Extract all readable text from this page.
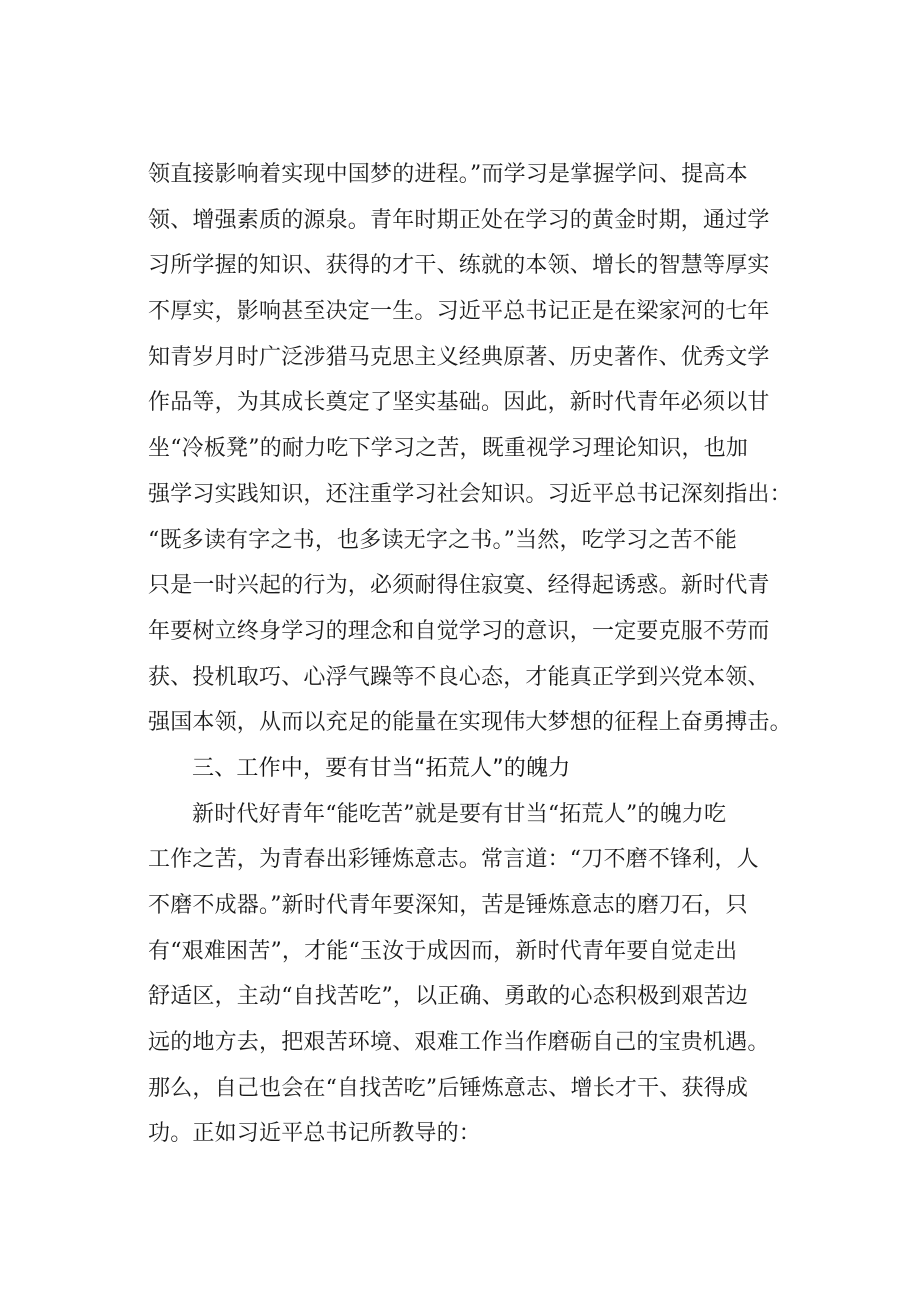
领直接影响着实现中国梦的进程。”而学习是掌握学问、提高本
领、增强素质的源泉。青年时期正处在学习的黄金时期，通过学
习所学握的知识、获得的才干、练就的本领、增长的智慧等厚实
不厚实，影响甚至决定一生。习近平总书记正是在梁家河的七年
知青岁月时广泛涉猎马克思主义经典原著、历史著作、优秀文学
作品等，为其成长奠定了坚实基础。因此，新时代青年必须以甘
坐“冷板凳”的耐力吃下学习之苦，既重视学习理论知识，也加
强学习实践知识，还注重学习社会知识。习近平总书记深刻指出：
“既多读有字之书，也多读无字之书。”当然，吃学习之苦不能
只是一时兴起的行为，必须耐得住寂寞、经得起诱惑。新时代青
年要树立终身学习的理念和自觉学习的意识，一定要克服不劳而
获、投机取巧、心浮气躁等不良心态，才能真正学到兴党本领、
强国本领，从而以充足的能量在实现伟大梦想的征程上奋勇搏击。
三、工作中，要有甘当“拓荒人”的魄力
新时代好青年“能吃苦”就是要有甘当“拓荒人”的魄力吃
工作之苦，为青春出彩锤炼意志。常言道：“刀不磨不锋利，人
不磨不成器。”新时代青年要深知，苦是锤炼意志的磨刀石，只
有“艰难困苦”，才能“玉汝于成因而，新时代青年要自觉走出
舒适区，主动“自找苦吃”，以正确、勇敢的心态积极到艰苦边
远的地方去，把艰苦环境、艰难工作当作磨砺自己的宝贵机遇。
那么，自己也会在“自找苦吃”后锤炼意志、增长才干、获得成
功。正如习近平总书记所教导的：
